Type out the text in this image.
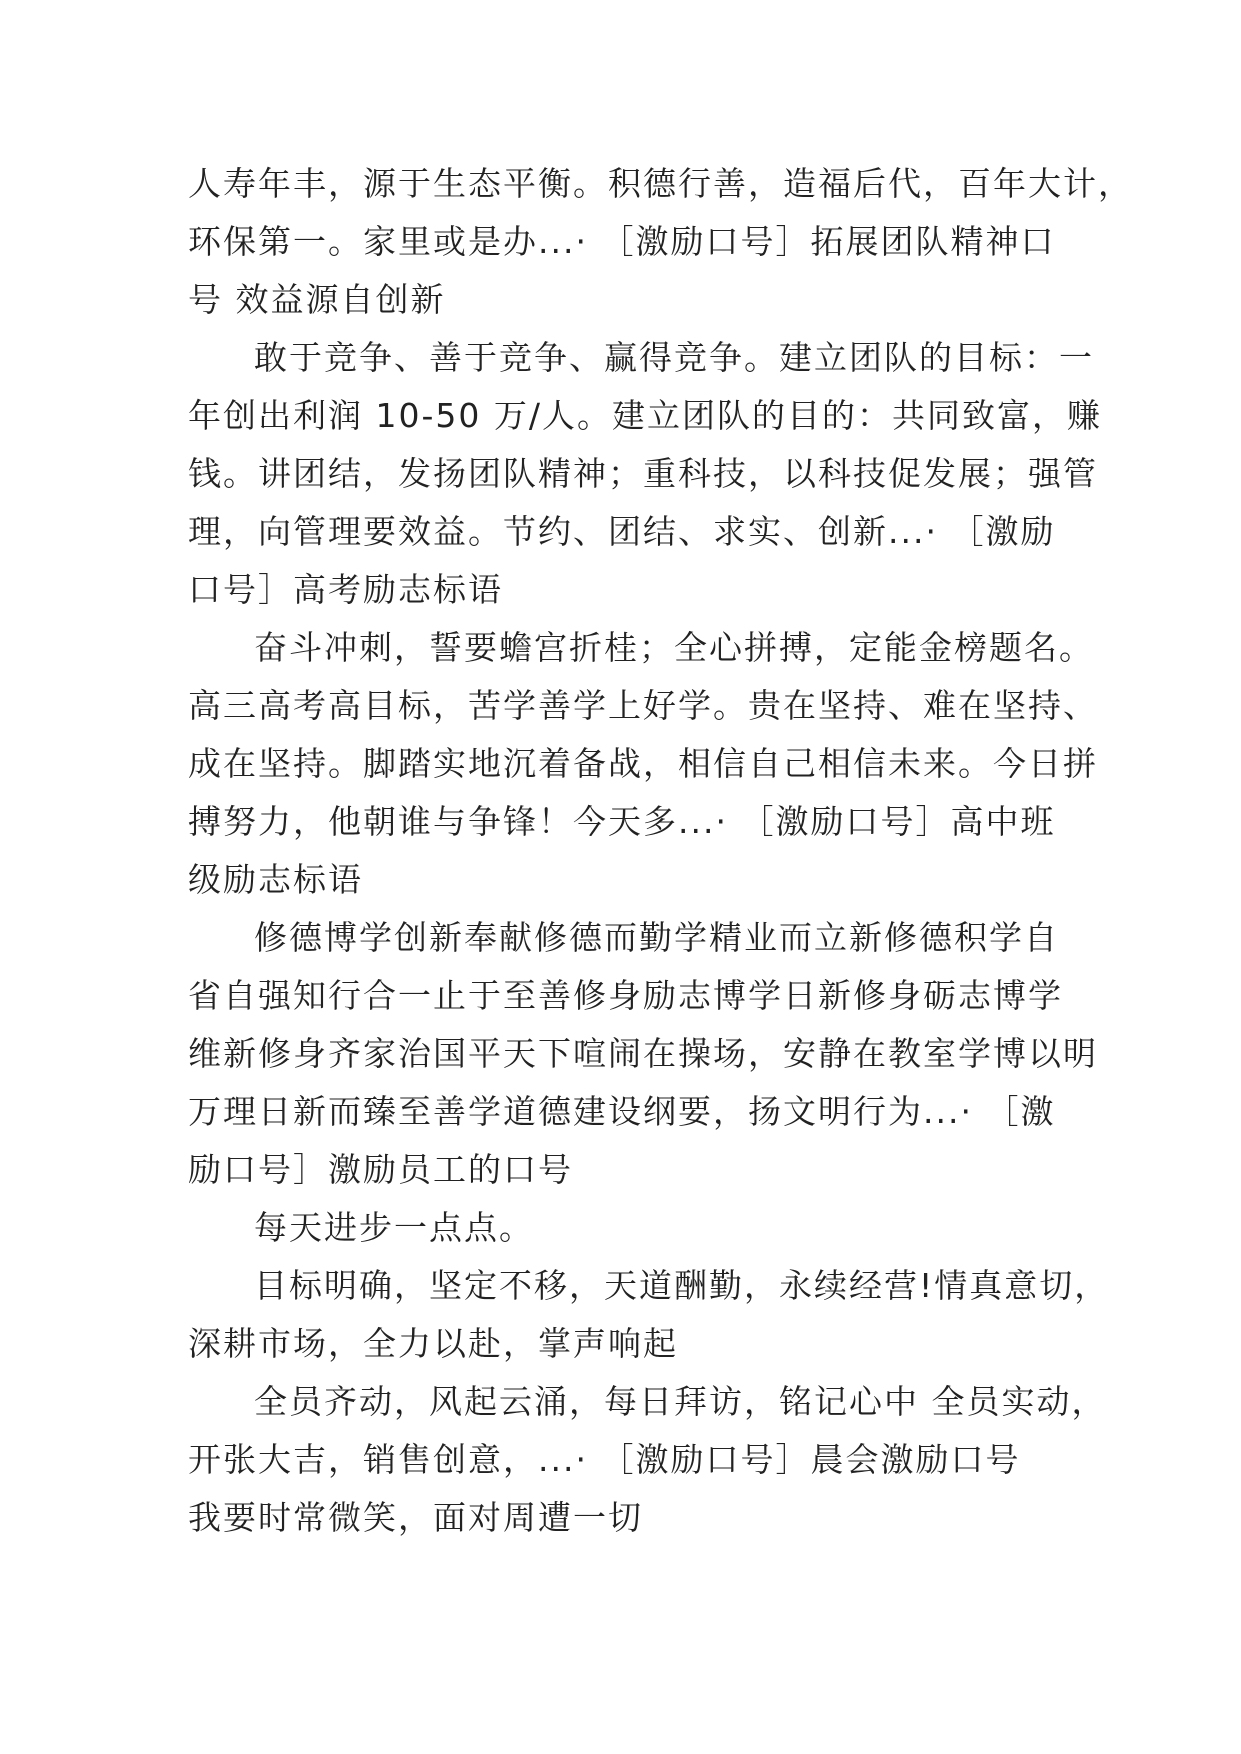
人寿年丰，源于生态平衡。积德行善，造福后代，百年大计，

环保第一。家里或是办...· ［激励口号］拓展团队精神口

号 效益源自创新

敢于竞争、善于竞争、赢得竞争。建立团队的目标：一

年创出利润 10-50 万/人。建立团队的目的：共同致富，赚

钱。讲团结，发扬团队精神；重科技，以科技促发展；强管

理，向管理要效益。节约、团结、求实、创新...· ［激励

口号］高考励志标语

奋斗冲刺，誓要蟾宫折桂；全心拼搏，定能金榜题名。

高三高考高目标，苦学善学上好学。贵在坚持、难在坚持、

成在坚持。脚踏实地沉着备战，相信自己相信未来。今日拼

搏努力，他朝谁与争锋！今天多...· ［激励口号］高中班

级励志标语

修德博学创新奉献修德而勤学精业而立新修德积学自

省自强知行合一止于至善修身励志博学日新修身砺志博学

维新修身齐家治国平天下喧闹在操场，安静在教室学博以明

万理日新而臻至善学道德建设纲要，扬文明行为...· ［激

励口号］激励员工的口号

每天进步一点点。

目标明确，坚定不移，天道酬勤，永续经营!情真意切，

深耕市场，全力以赴，掌声响起

全员齐动，风起云涌，每日拜访，铭记心中 全员实动，

开张大吉，销售创意，...· ［激励口号］晨会激励口号

我要时常微笑，面对周遭一切
